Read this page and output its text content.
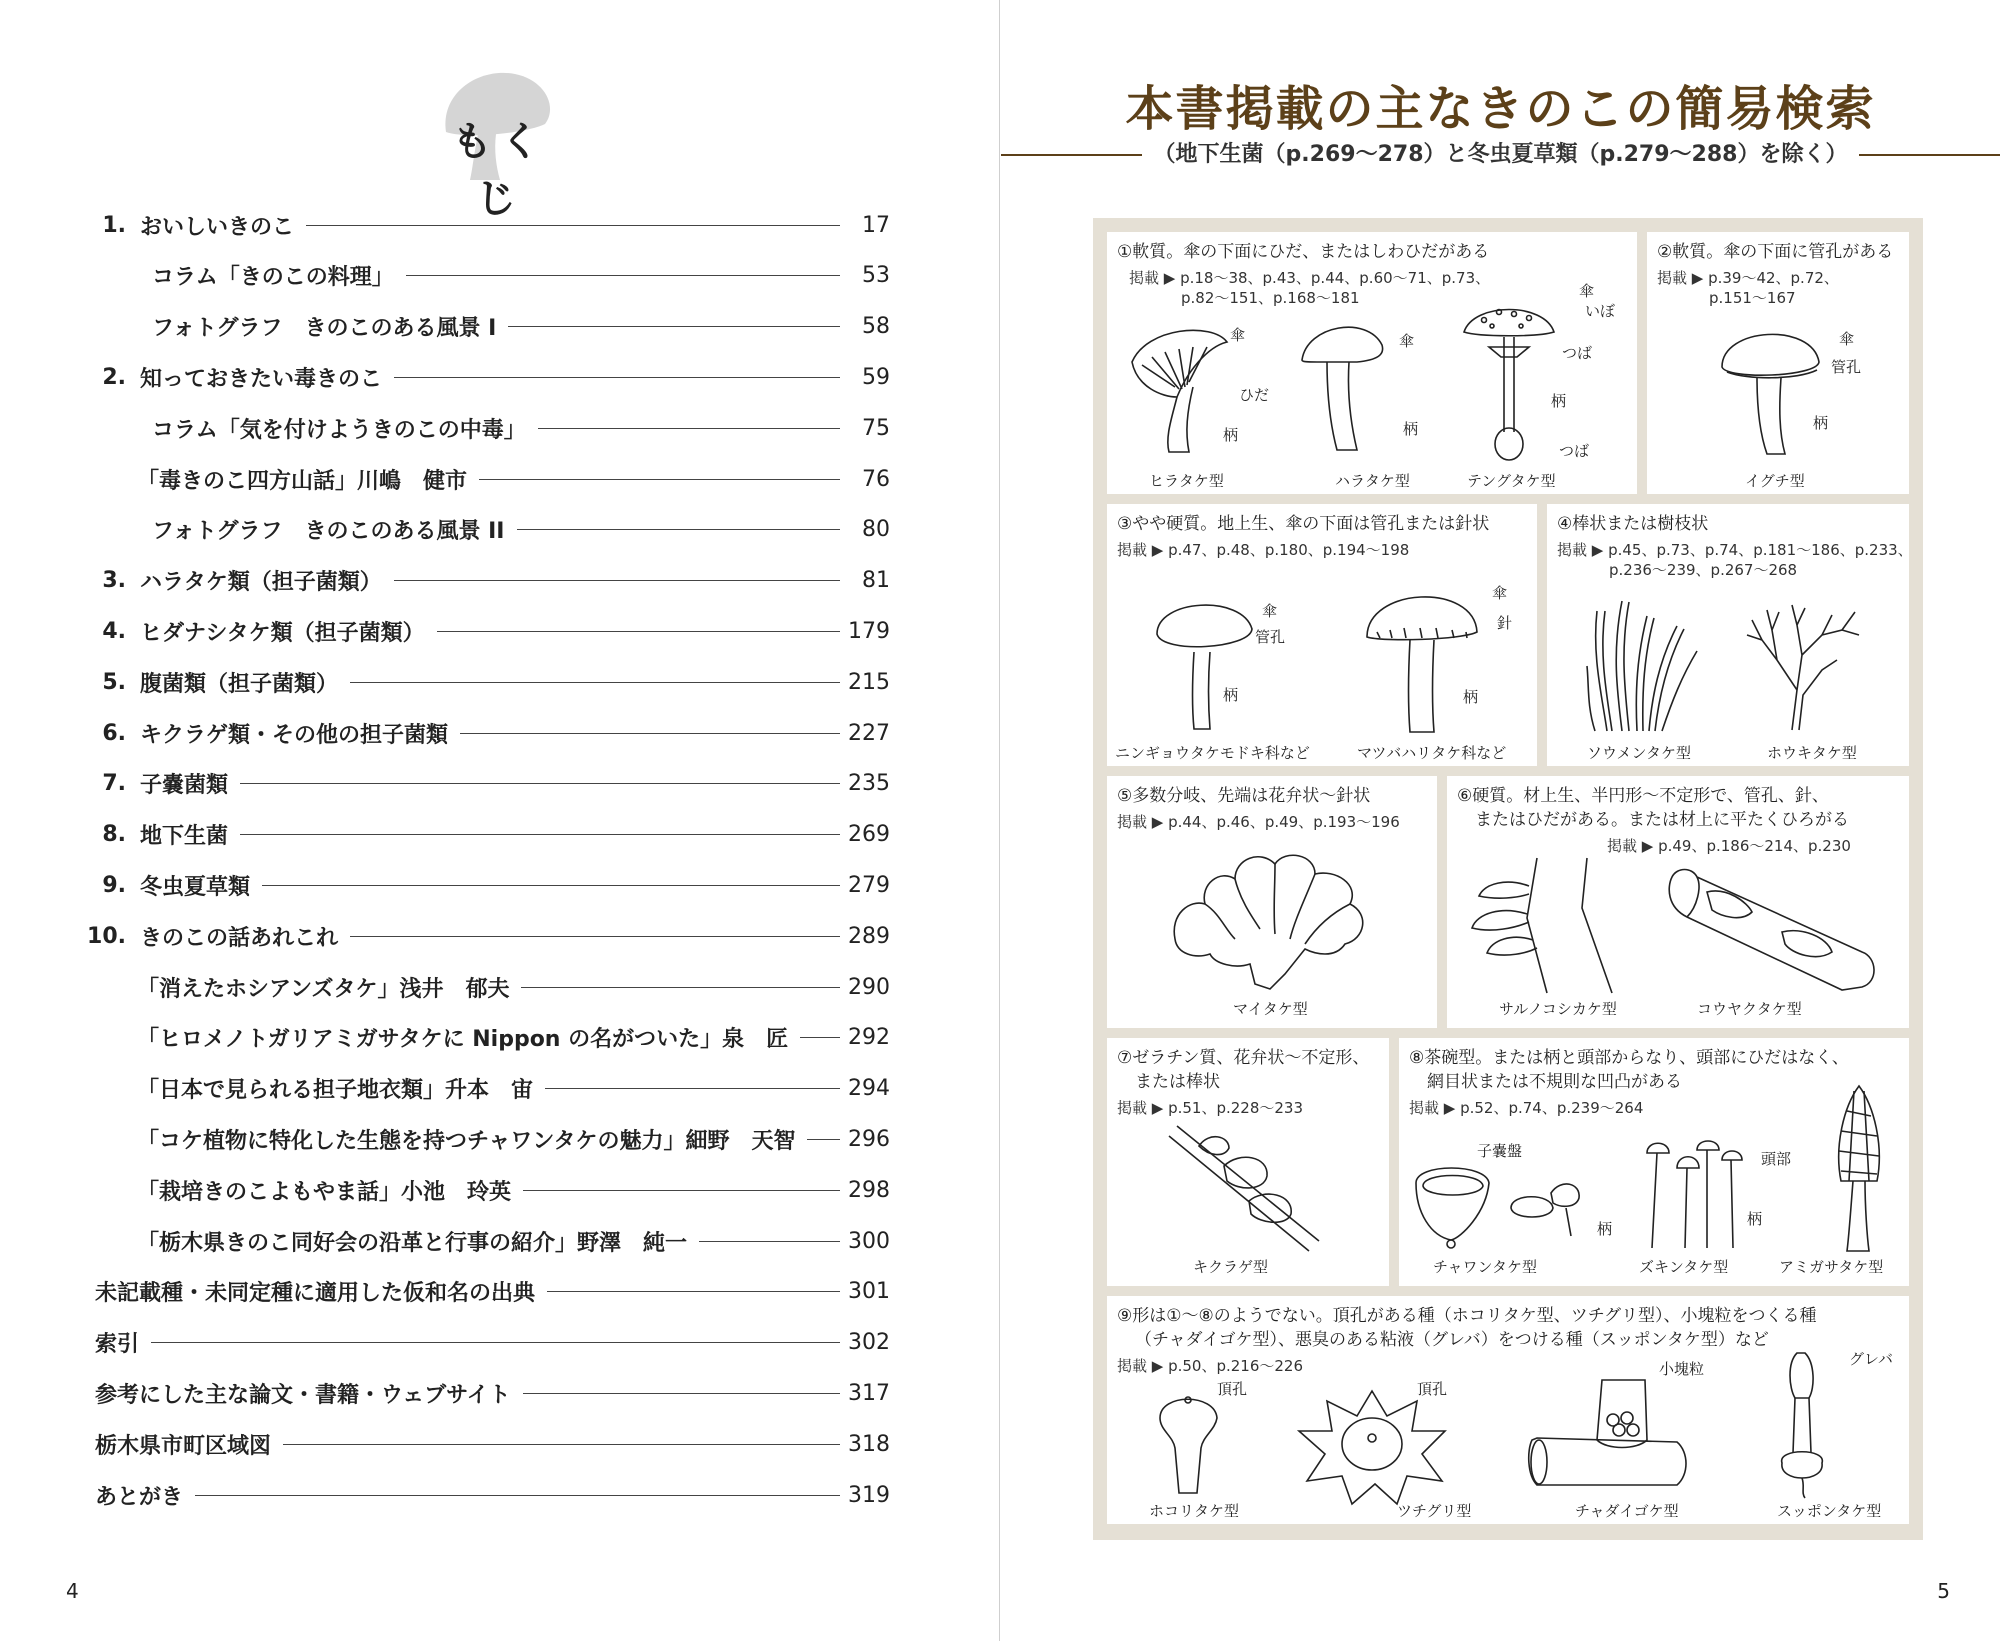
もくじ
1. おいしいきのこ	17
コラム「きのこの料理」	53
フォトグラフ　きのこのある風景 I	58
2. 知っておきたい毒きのこ	59
コラム「気を付けようきのこの中毒」	75
「毒きのこ四方山話」川嶋　健市	76
フォトグラフ　きのこのある風景 II	80
3. ハラタケ類（担子菌類）	81
4. ヒダナシタケ類（担子菌類）	179
5. 腹菌類（担子菌類）	215
6. キクラゲ類・その他の担子菌類	227
7. 子嚢菌類	235
8. 地下生菌	269
9. 冬虫夏草類	279
10. きのこの話あれこれ	289
「消えたホシアンズタケ」浅井　郁夫	290
「ヒロメノトガリアミガサタケに Nippon の名がついた」泉　匠	292
「日本で見られる担子地衣類」升本　宙	294
「コケ植物に特化した生態を持つチャワンタケの魅力」細野　天智	296
「栽培きのこよもやま話」小池　玲英	298
「栃木県きのこ同好会の沿革と行事の紹介」野澤　純一	300
未記載種・未同定種に適用した仮和名の出典	301
索引	302
参考にした主な論文・書籍・ウェブサイト	317
栃木県市町区域図	318
あとがき	319
4
本書掲載の主なきのこの簡易検索
（地下生菌（p.269～278）と冬虫夏草類（p.279～288）を除く）
①軟質。傘の下面にひだ、またはしわひだがある
掲載 ▶ p.18～38、p.43、p.44、p.60～71、p.73、
p.82～151、p.168～181
傘
ひだ
柄
ヒラタケ型
傘
柄
ハラタケ型
傘
いぼ
つば
柄
つば
テングタケ型
②軟質。傘の下面に管孔がある
掲載 ▶ p.39～42、p.72、
p.151～167
傘
管孔
柄
イグチ型
③やや硬質。地上生、傘の下面は管孔または針状
掲載 ▶ p.47、p.48、p.180、p.194～198
傘
管孔
柄
ニンギョウタケモドキ科など
傘
針
柄
マツバハリタケ科など
④棒状または樹枝状
掲載 ▶ p.45、p.73、p.74、p.181～186、p.233、
p.236～239、p.267～268
ソウメンタケ型	ホウキタケ型
⑤多数分岐、先端は花弁状～針状
掲載 ▶ p.44、p.46、p.49、p.193～196
マイタケ型
⑥硬質。材上生、半円形～不定形で、管孔、針、
またはひだがある。または材上に平たくひろがる
掲載 ▶ p.49、p.186～214、p.230
サルノコシカケ型	コウヤクタケ型
⑦ゼラチン質、花弁状～不定形、
または棒状
掲載 ▶ p.51、p.228～233
キクラゲ型
⑧茶碗型。または柄と頭部からなり、頭部にひだはなく、
網目状または不規則な凹凸がある
掲載 ▶ p.52、p.74、p.239～264
子嚢盤
柄
チャワンタケ型
頭部
柄
ズキンタケ型	アミガサタケ型
⑨形は①～⑧のようでない。頂孔がある種（ホコリタケ型、ツチグリ型）、小塊粒をつくる種
（チャダイゴケ型）、悪臭のある粘液（グレバ）をつける種（スッポンタケ型）など
掲載 ▶ p.50、p.216～226
頂孔
ホコリタケ型
頂孔
ツチグリ型
小塊粒
チャダイゴケ型
グレバ
スッポンタケ型
5
